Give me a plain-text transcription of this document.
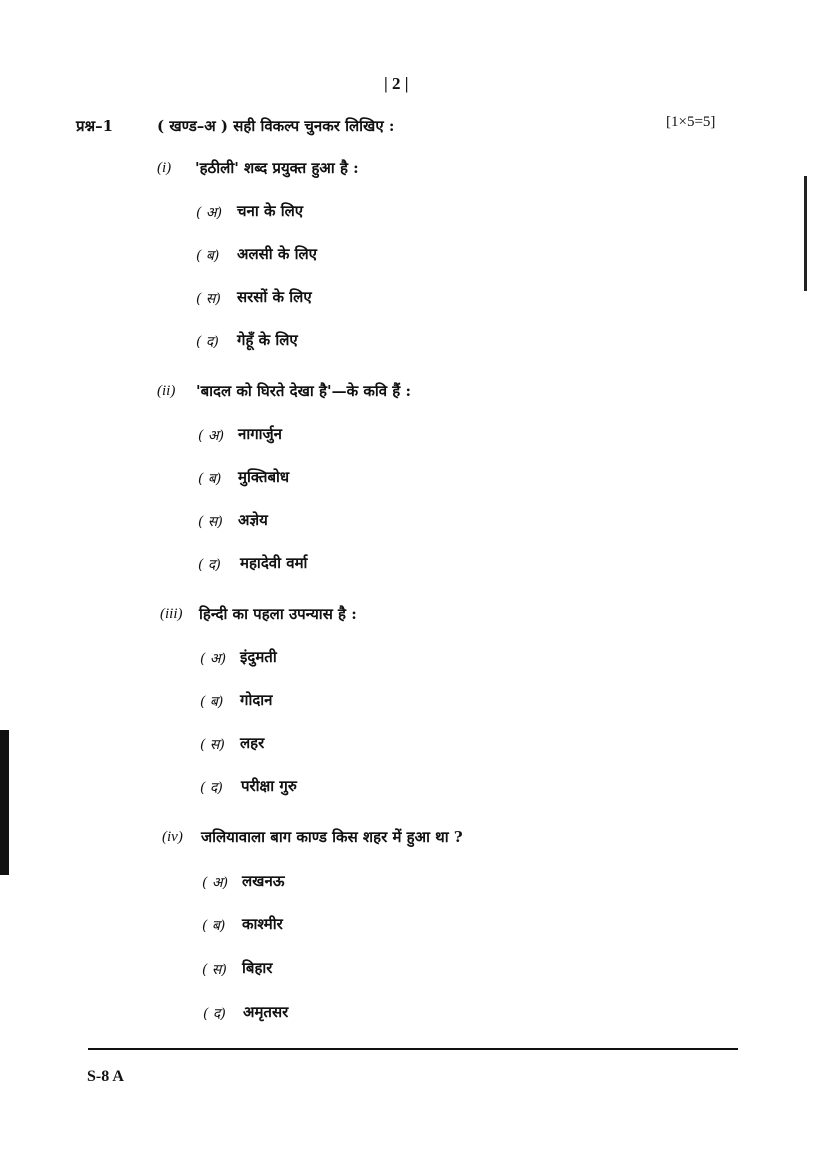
| 2 |
प्रश्न–1	( खण्ड–अ ) सही विकल्प चुनकर लिखिए :	[1×5=5]
(i) 'हठीली' शब्द प्रयुक्त हुआ है :
( अ) चना के लिए
( ब) अलसी के लिए
( स) सरसों के लिए
( द) गेहूँ के लिए
(ii) 'बादल को घिरते देखा है'—के कवि हैं :
( अ) नागार्जुन
( ब) मुक्तिबोध
( स) अज्ञेय
( द) महादेवी वर्मा
(iii) हिन्दी का पहला उपन्यास है :
( अ) इंदुमती
( ब) गोदान
( स) लहर
( द) परीक्षा गुरु
(iv) जलियावाला बाग काण्ड किस शहर में हुआ था ?
( अ) लखनऊ
( ब) काश्मीर
( स) बिहार
( द) अमृतसर
S-8 A
